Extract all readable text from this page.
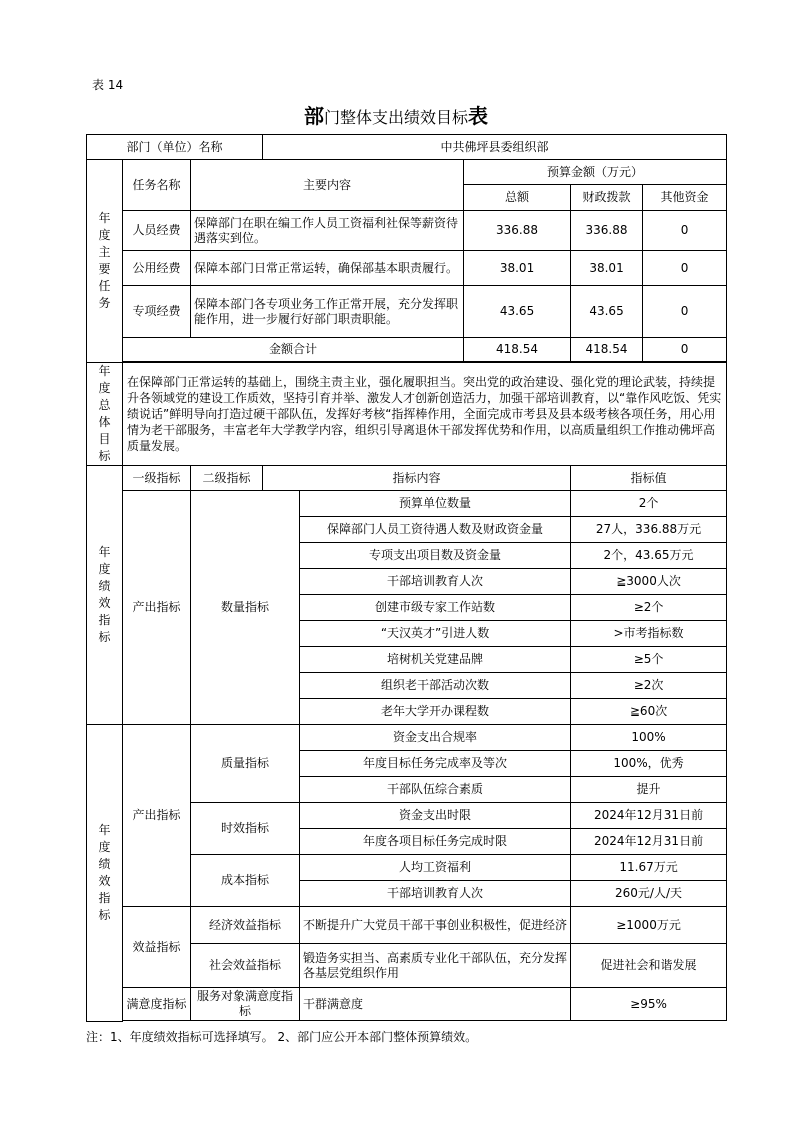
表 14
部门整体支出绩效目标表
部门（单位）名称			中共佛坪县委组织部				
年度主要任务	任务名称	主要内容			预算金额（万元）		
					总额	财政拨款	其他资金
	人员经费	保障部门在职在编工作人员工资福利社保等薪资待遇落实到位。			336.88	336.88	0
	公用经费	保障本部门日常正常运转，确保部基本职责履行。			38.01	38.01	0
	专项经费	保障本部门各专项业务工作正常开展，充分发挥职能作用，进一步履行好部门职责职能。			43.65	43.65	0
	金额合计				418.54	418.54	0

年度总体目标	在保障部门正常运转的基础上，围绕主责主业，强化履职担当。突出党的政治建设、强化党的理论武装，持续提升各领域党的建设工作质效，坚持引育并举、激发人才创新创造活力，加强干部培训教育，以“靠作风吃饭、凭实绩说话”鲜明导向打造过硬干部队伍，发挥好考核“指挥棒作用，全面完成市考县及县本级考核各项任务，用心用情为老干部服务，丰富老年大学教学内容，组织引导离退休干部发挥优势和作用，以高质量组织工作推动佛坪高质量发展。						
年度绩效指标	一级指标	二级指标	指标内容			指标值	
	产出指标	数量指标		预算单位数量		2个	
				保障部门人员工资待遇人数及财政资金量		27人，336.88万元	
				专项支出项目数及资金量		2个，43.65万元	
				干部培训教育人次		≧3000人次	
				创建市级专家工作站数		≥2个	
				“天汉英才”引进人数		>市考指标数	
				培树机关党建品牌		≥5个	
				组织老干部活动次数		≥2次	
				老年大学开办课程数		≧60次	
年度绩效指标	产出指标	质量指标		资金支出合规率		100%	
				年度目标任务完成率及等次		100%，优秀	
				干部队伍综合素质		提升	
		时效指标		资金支出时限		2024年12月31日前	
				年度各项目标任务完成时限		2024年12月31日前	
		成本指标		人均工资福利		11.67万元	
				干部培训教育人次		260元/人/天	
	效益指标	经济效益指标		不断提升广大党员干部干事创业积极性，促进经济		≥1000万元	
		社会效益指标		锻造务实担当、高素质专业化干部队伍，充分发挥各基层党组织作用		促进社会和谐发展	
	满意度指标	服务对象满意度指标		干群满意度		≥95%	

注：1、年度绩效指标可选择填写。 2、部门应公开本部门整体预算绩效。
